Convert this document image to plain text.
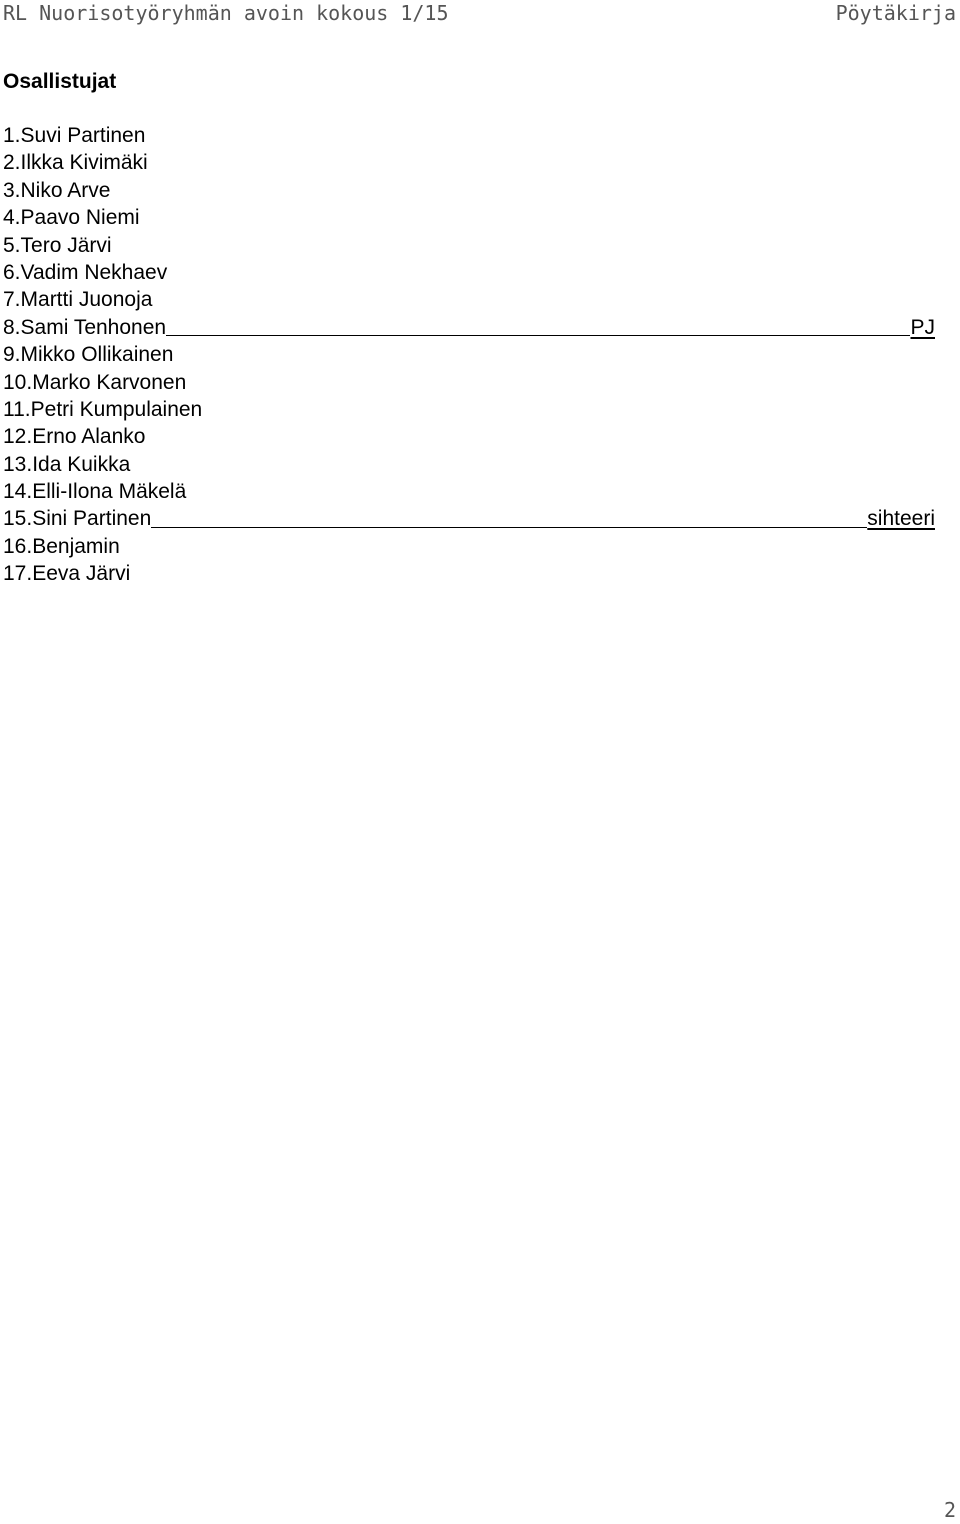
RL Nuorisotyöryhmän avoin kokous 1/15	Pöytäkirja
Osallistujat
1. Suvi Partinen
2. Ilkka Kivimäki
3. Niko Arve
4. Paavo Niemi
5. Tero Järvi
6. Vadim Nekhaev
7. Martti Juonoja
8. Sami Tenhonen	PJ
9. Mikko Ollikainen
10. Marko Karvonen
11. Petri Kumpulainen
12. Erno Alanko
13. Ida Kuikka
14. Elli-Ilona Mäkelä
15. Sini Partinen	sihteeri
16. Benjamin
17. Eeva Järvi
2
